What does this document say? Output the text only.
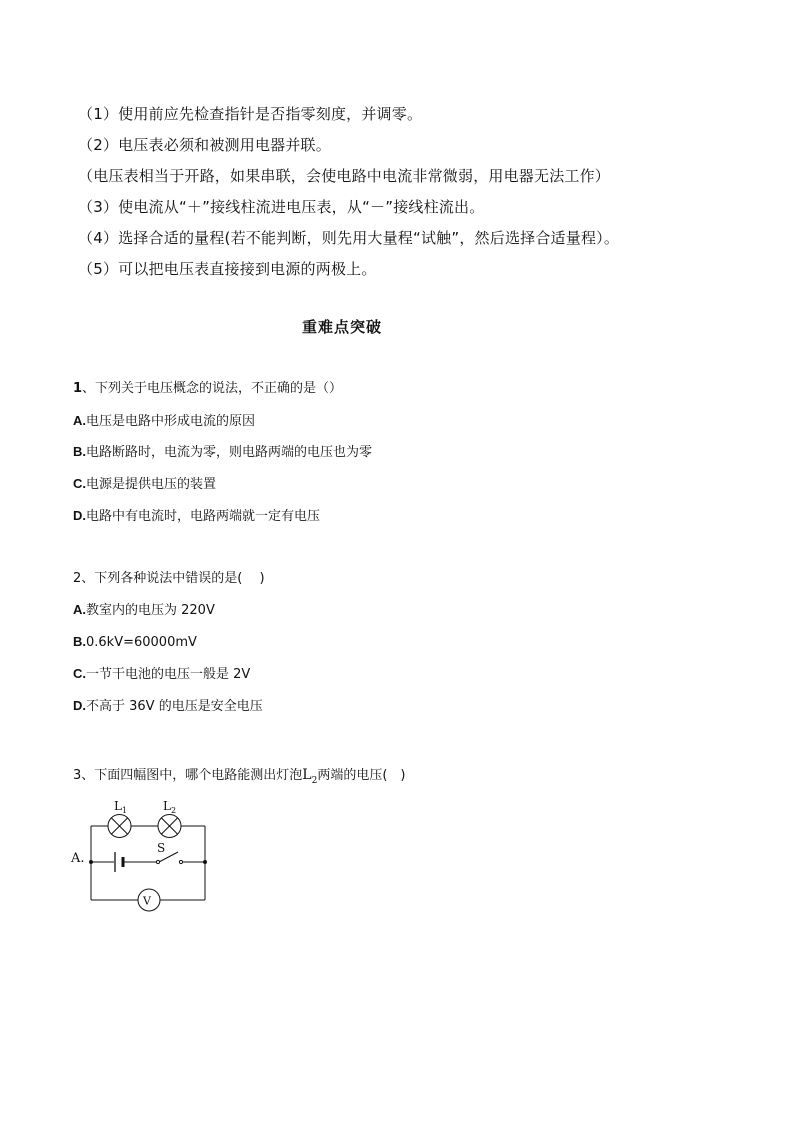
（1）使用前应先检查指针是否指零刻度，并调零。
（2）电压表必须和被测用电器并联。
（电压表相当于开路，如果串联，会使电路中电流非常微弱，用电器无法工作）
（3）使电流从“＋”接线柱流进电压表，从“－”接线柱流出。
（4）选择合适的量程(若不能判断，则先用大量程“试触”，然后选择合适量程）。
（5）可以把电压表直接接到电源的两极上。
重难点突破
1、下列关于电压概念的说法，不正确的是（）
A.电压是电路中形成电流的原因
B.电路断路时，电流为零，则电路两端的电压也为零
C.电源是提供电压的装置
D.电路中有电流时，电路两端就一定有电压
2、下列各种说法中错误的是(　 )
A.教室内的电压为 220V
B.0.6kV=60000mV
C.一节干电池的电压一般是 2V
D.不高于 36V 的电压是安全电压
3、下面四幅图中，哪个电路能测出灯泡$L_2$两端的电压(　)
A.
$L_1$	$L_2$
S
V
